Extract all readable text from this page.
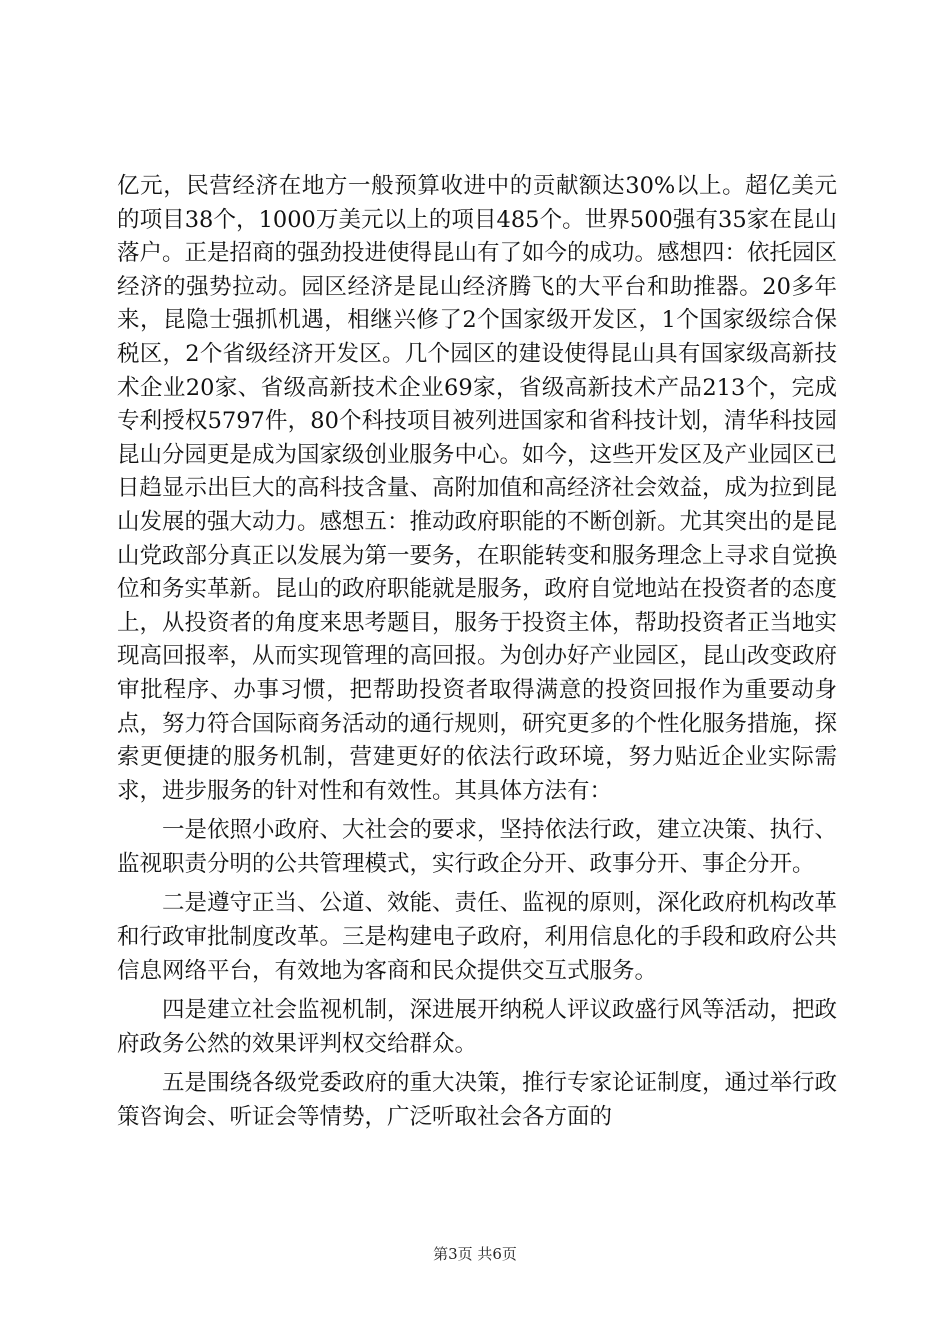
亿元，民营经济在地方一般预算收进中的贡献额达30%以上。超亿美元的项目38个，1000万美元以上的项目485个。世界500强有35家在昆山落户。正是招商的强劲投进使得昆山有了如今的成功。感想四：依托园区经济的强势拉动。园区经济是昆山经济腾飞的大平台和助推器。20多年来，昆隐士强抓机遇，相继兴修了2个国家级开发区，1个国家级综合保税区，2个省级经济开发区。几个园区的建设使得昆山具有国家级高新技术企业20家、省级高新技术企业69家，省级高新技术产品213个，完成专利授权5797件，80个科技项目被列进国家和省科技计划，清华科技园昆山分园更是成为国家级创业服务中心。如今，这些开发区及产业园区已日趋显示出巨大的高科技含量、高附加值和高经济社会效益，成为拉到昆山发展的强大动力。感想五：推动政府职能的不断创新。尤其突出的是昆山党政部分真正以发展为第一要务，在职能转变和服务理念上寻求自觉换位和务实革新。昆山的政府职能就是服务，政府自觉地站在投资者的态度上，从投资者的角度来思考题目，服务于投资主体，帮助投资者正当地实现高回报率，从而实现管理的高回报。为创办好产业园区，昆山改变政府审批程序、办事习惯，把帮助投资者取得满意的投资回报作为重要动身点，努力符合国际商务活动的通行规则，研究更多的个性化服务措施，探索更便捷的服务机制，营建更好的依法行政环境，努力贴近企业实际需求，进步服务的针对性和有效性。其具体方法有：

一是依照小政府、大社会的要求，坚持依法行政，建立决策、执行、监视职责分明的公共管理模式，实行政企分开、政事分开、事企分开。

二是遵守正当、公道、效能、责任、监视的原则，深化政府机构改革和行政审批制度改革。三是构建电子政府，利用信息化的手段和政府公共信息网络平台，有效地为客商和民众提供交互式服务。

四是建立社会监视机制，深进展开纳税人评议政盛行风等活动，把政府政务公然的效果评判权交给群众。

五是围绕各级党委政府的重大决策，推行专家论证制度，通过举行政策咨询会、听证会等情势，广泛听取社会各方面的

第3页 共6页
